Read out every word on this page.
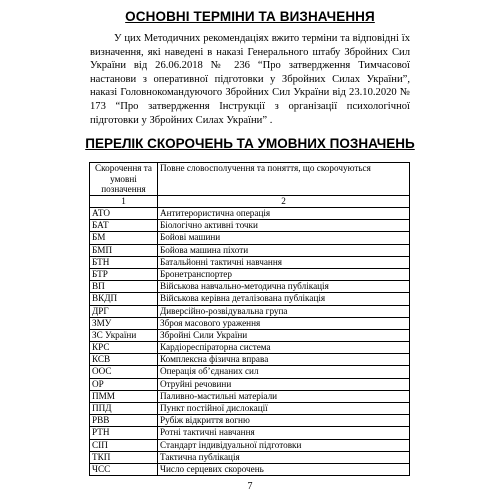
ОСНОВНІ ТЕРМІНИ ТА ВИЗНАЧЕННЯ

У цих Методичних рекомендаціях вжито терміни та відповідні їх визначення, які наведені в наказі Генерального штабу Збройних Сил України від 26.06.2018 № 236 “Про затвердження Тимчасової настанови з оперативної підготовки у Збройних Силах України”, наказі Головнокомандуючого Збройних Сил України від 23.10.2020 № 173 “Про затвердження Інструкції з організації психологічної підготовки у Збройних Силах України” .

ПЕРЕЛІК СКОРОЧЕНЬ ТА УМОВНИХ ПОЗНАЧЕНЬ
Скорочення та умовні позначення	Повне словосполучення та поняття, що скорочуються
1	2
АТО	Антитерористична операція
БАТ	Біологічно активні точки
БМ	Бойові машини
БМП	Бойова машина піхоти
БТН	Батальйонні тактичні навчання
БТР	Бронетранспортер
ВП	Військова навчально-методична публікація
ВКДП	Військова керівна деталізована публікація
ДРГ	Диверсійно-розвідувальна група
ЗМУ	Зброя масового ураження
ЗС України	Збройні Сили України
КРС	Кардіореспіраторна система
КСВ	Комплексна фізична вправа
ООС	Операція об’єднаних сил
ОР	Отруйні речовини
ПММ	Паливно-мастильні матеріали
ППД	Пункт постійної дислокації
РВВ	Рубіж відкриття вогню
РТН	Ротні тактичні навчання
СІП	Стандарт індивідуальної підготовки
ТКП	Тактична публікація
ЧСС	Число серцевих скорочень
7
